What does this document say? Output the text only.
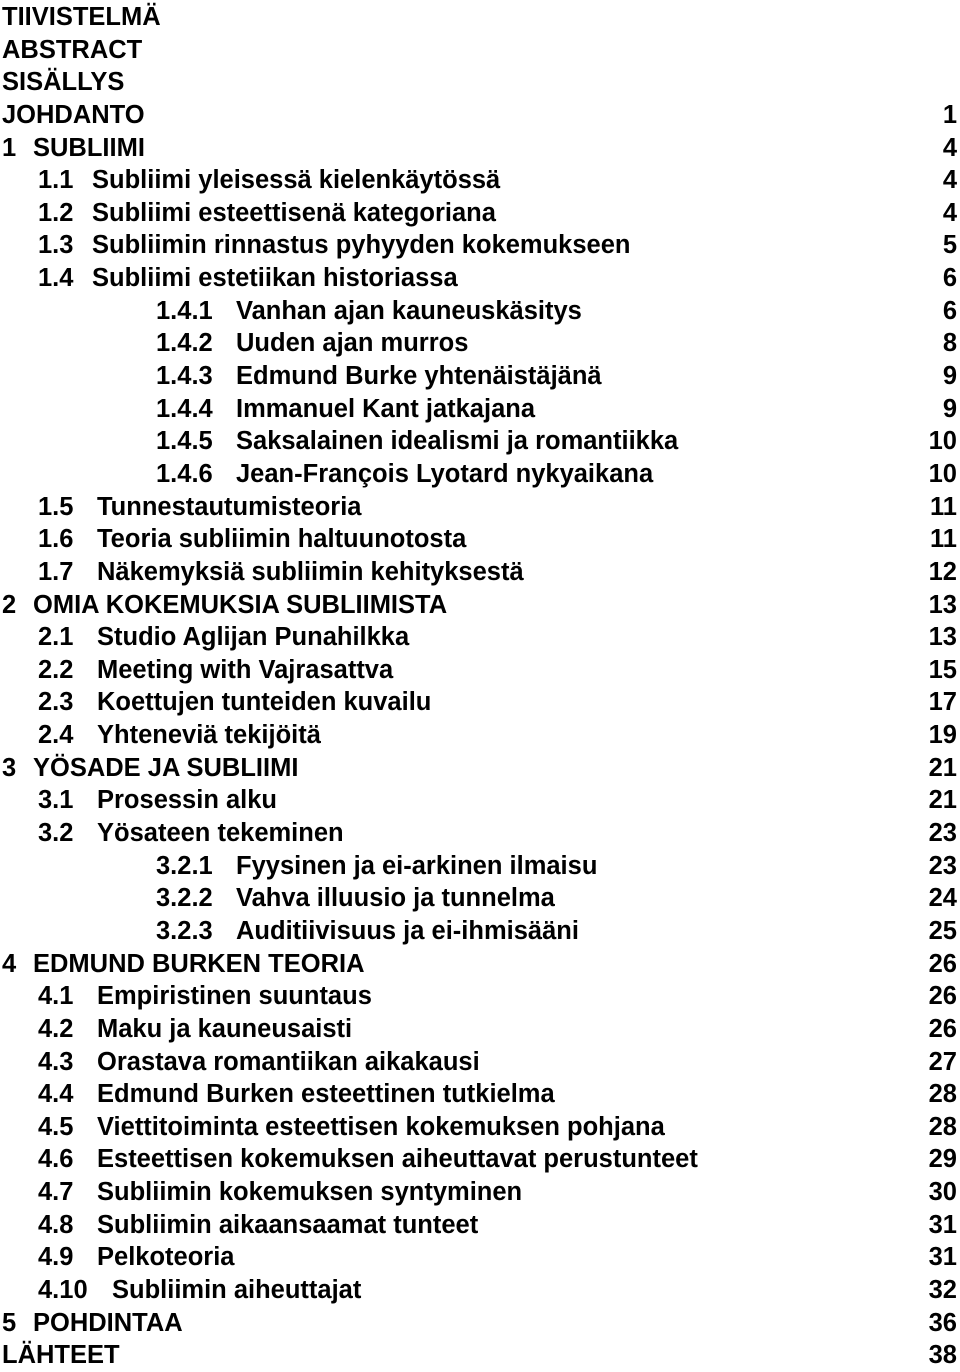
TIIVISTELMÄ
ABSTRACT
SISÄLLYS
JOHDANTO	1
1 SUBLIIMI	4
1.1 Subliimi yleisessä kielenkäytössä	4
1.2 Subliimi esteettisenä kategoriana	4
1.3 Subliimin rinnastus pyhyyden kokemukseen	5
1.4 Subliimi estetiikan historiassa	6
1.4.1 Vanhan ajan kauneuskäsitys	6
1.4.2 Uuden ajan murros	8
1.4.3 Edmund Burke yhtenäistäjänä	9
1.4.4 Immanuel Kant jatkajana	9
1.4.5 Saksalainen idealismi ja romantiikka	10
1.4.6 Jean-François Lyotard nykyaikana	10
1.5 Tunnestautumisteoria	11
1.6 Teoria subliimin haltuunotosta	11
1.7 Näkemyksiä subliimin kehityksestä	12
2 OMIA KOKEMUKSIA SUBLIIMISTA	13
2.1 Studio Aglijan Punahilkka	13
2.2 Meeting with Vajrasattva	15
2.3 Koettujen tunteiden kuvailu	17
2.4 Yhteneviä tekijöitä	19
3 YÖSADE JA SUBLIIMI	21
3.1 Prosessin alku	21
3.2 Yösateen tekeminen	23
3.2.1 Fyysinen ja ei-arkinen ilmaisu	23
3.2.2 Vahva illuusio ja tunnelma	24
3.2.3 Auditiivisuus ja ei-ihmisääni	25
4 EDMUND BURKEN TEORIA	26
4.1 Empiristinen suuntaus	26
4.2 Maku ja kauneusaisti	26
4.3 Orastava romantiikan aikakausi	27
4.4 Edmund Burken esteettinen tutkielma	28
4.5 Viettitoiminta esteettisen kokemuksen pohjana	28
4.6 Esteettisen kokemuksen aiheuttavat perustunteet	29
4.7 Subliimin kokemuksen syntyminen	30
4.8 Subliimin aikaansaamat tunteet	31
4.9 Pelkoteoria	31
4.10 Subliimin aiheuttajat	32
5 POHDINTAA	36
LÄHTEET	38
